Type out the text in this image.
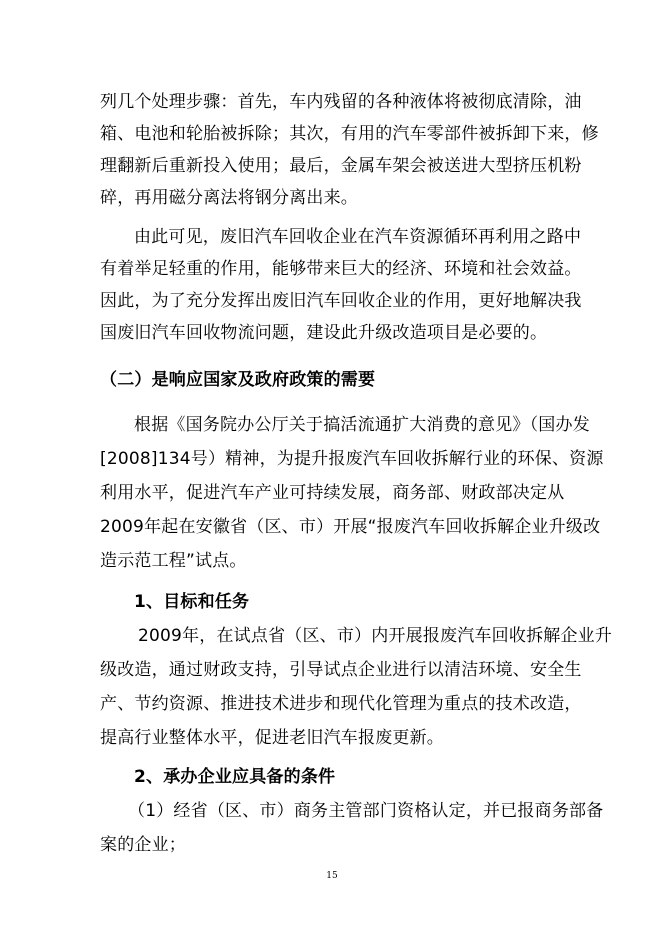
列几个处理步骤：首先，车内残留的各种液体将被彻底清除，油
箱、电池和轮胎被拆除；其次，有用的汽车零部件被拆卸下来，修
理翻新后重新投入使用；最后，金属车架会被送进大型挤压机粉
碎，再用磁分离法将钢分离出来。
由此可见，废旧汽车回收企业在汽车资源循环再利用之路中
有着举足轻重的作用，能够带来巨大的经济、环境和社会效益。
因此，为了充分发挥出废旧汽车回收企业的作用，更好地解决我
国废旧汽车回收物流问题，建设此升级改造项目是必要的。
（二）是响应国家及政府政策的需要
根据《国务院办公厅关于搞活流通扩大消费的意见》（国办发
[2008]134号）精神，为提升报废汽车回收拆解行业的环保、资源
利用水平，促进汽车产业可持续发展，商务部、财政部决定从
2009年起在安徽省（区、市）开展“报废汽车回收拆解企业升级改
造示范工程”试点。
1、目标和任务
2009年，在试点省（区、市）内开展报废汽车回收拆解企业升
级改造，通过财政支持，引导试点企业进行以清洁环境、安全生
产、节约资源、推进技术进步和现代化管理为重点的技术改造，
提高行业整体水平，促进老旧汽车报废更新。
2、承办企业应具备的条件
（1）经省（区、市）商务主管部门资格认定，并已报商务部备
案的企业；
15
